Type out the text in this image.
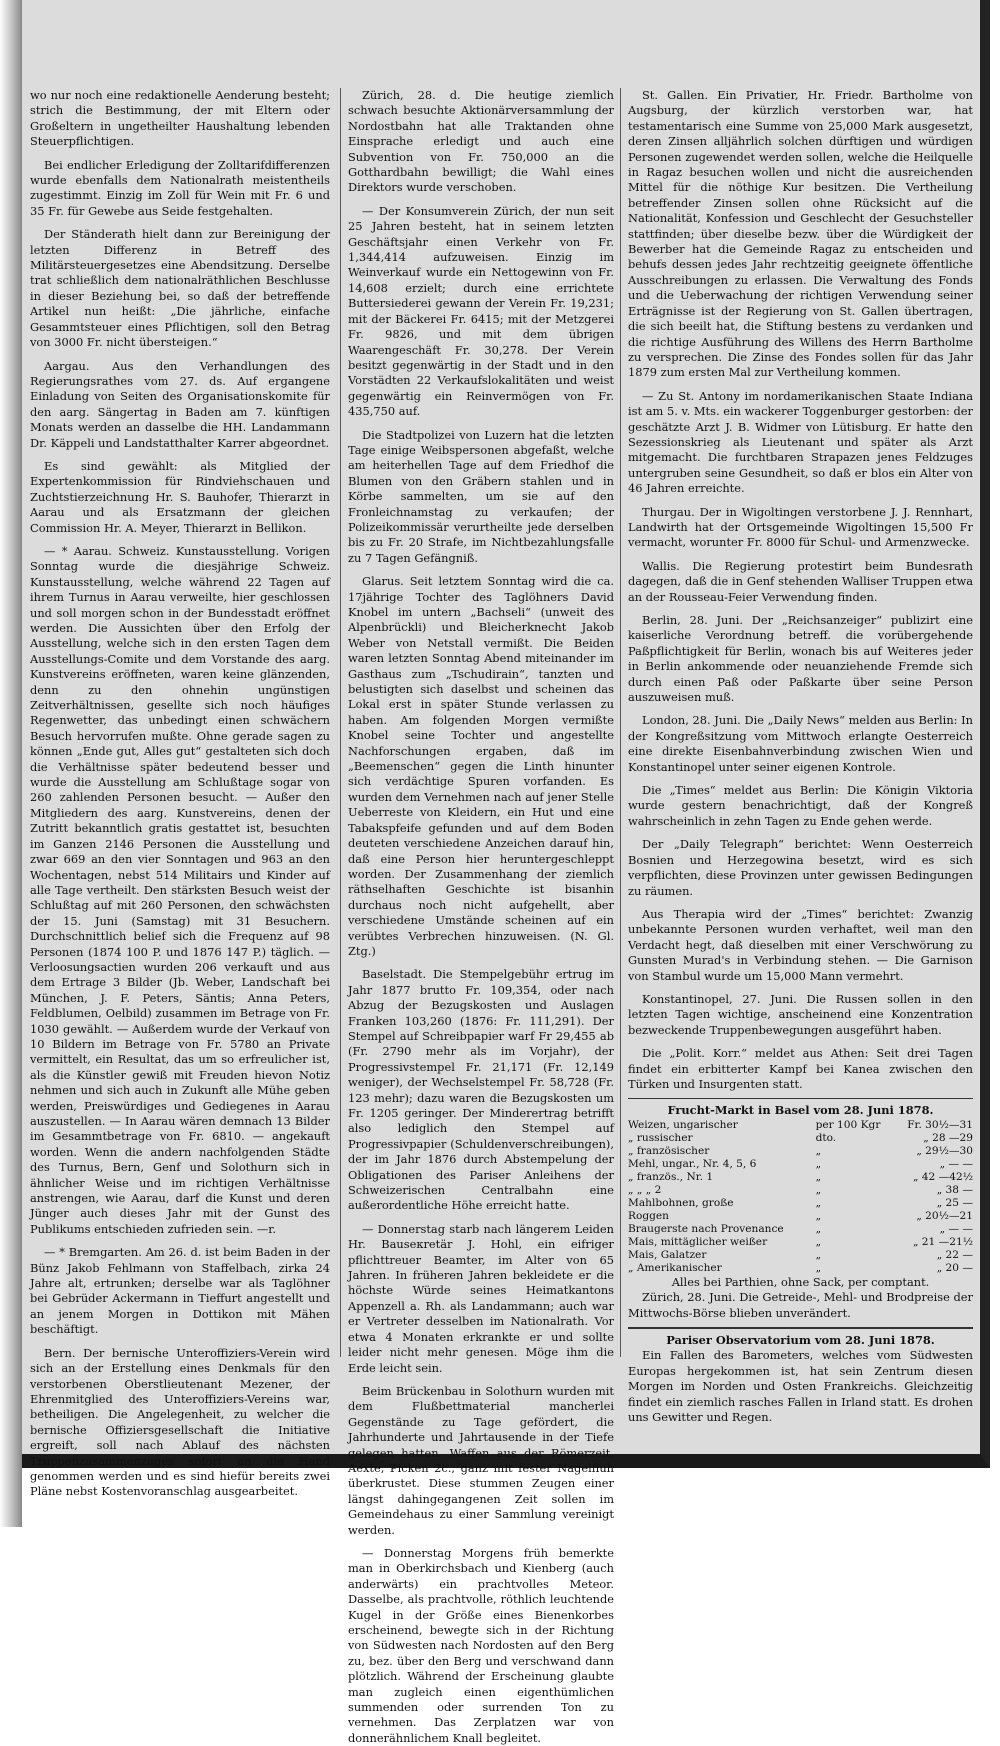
wo nur noch eine redaktionelle Aenderung besteht; strich die Bestimmung, der mit Eltern oder Großeltern in ungetheilter Haushaltung lebenden Steuerpflichtigen.

Bei endlicher Erledigung der Zolltarifdifferenzen wurde ebenfalls dem Nationalrath meistentheils zugestimmt. Einzig im Zoll für Wein mit Fr. 6 und 35 Fr. für Gewebe aus Seide festgehalten.

Der Ständerath hielt dann zur Bereinigung der letzten Differenz in Betreff des Militärsteuergesetzes eine Abendsitzung. Derselbe trat schließlich dem nationalräthlichen Beschlusse in dieser Beziehung bei, so daß der betreffende Artikel nun heißt: „Die jährliche, einfache Gesammtsteuer eines Pflichtigen, soll den Betrag von 3000 Fr. nicht übersteigen.“

Aargau. Aus den Verhandlungen des Regierungsrathes vom 27. ds. Auf ergangene Einladung von Seiten des Organisationskomite für den aarg. Sängertag in Baden am 7. künftigen Monats werden an dasselbe die HH. Landammann Dr. Käppeli und Landstatthalter Karrer abgeordnet.

Es sind gewählt: als Mitglied der Expertenkommission für Rindviehschauen und Zuchtstierzeichnung Hr. S. Bauhofer, Thierarzt in Aarau und als Ersatzmann der gleichen Commission Hr. A. Meyer, Thierarzt in Bellikon.

— * Aarau. Schweiz. Kunstausstellung. Vorigen Sonntag wurde die diesjährige Schweiz. Kunstausstellung, welche während 22 Tagen auf ihrem Turnus in Aarau verweilte, hier geschlossen und soll morgen schon in der Bundesstadt eröffnet werden. Die Aussichten über den Erfolg der Ausstellung, welche sich in den ersten Tagen dem Ausstellungs-Comite und dem Vorstande des aarg. Kunstvereins eröffneten, waren keine glänzenden, denn zu den ohnehin ungünstigen Zeitverhältnissen, gesellte sich noch häufiges Regenwetter, das unbedingt einen schwächern Besuch hervorrufen mußte. Ohne gerade sagen zu können „Ende gut, Alles gut“ gestalteten sich doch die Verhältnisse später bedeutend besser und wurde die Ausstellung am Schlußtage sogar von 260 zahlenden Personen besucht. — Außer den Mitgliedern des aarg. Kunstvereins, denen der Zutritt bekanntlich gratis gestattet ist, besuchten im Ganzen 2146 Personen die Ausstellung und zwar 669 an den vier Sonntagen und 963 an den Wochentagen, nebst 514 Militairs und Kinder auf alle Tage vertheilt. Den stärksten Besuch weist der Schlußtag auf mit 260 Personen, den schwächsten der 15. Juni (Samstag) mit 31 Besuchern. Durchschnittlich belief sich die Frequenz auf 98 Personen (1874 100 P. und 1876 147 P.) täglich. — Verloosungsactien wurden 206 verkauft und aus dem Ertrage 3 Bilder (Jb. Weber, Landschaft bei München, J. F. Peters, Säntis; Anna Peters, Feldblumen, Oelbild) zusammen im Betrage von Fr. 1030 gewählt. — Außerdem wurde der Verkauf von 10 Bildern im Betrage von Fr. 5780 an Private vermittelt, ein Resultat, das um so erfreulicher ist, als die Künstler gewiß mit Freuden hievon Notiz nehmen und sich auch in Zukunft alle Mühe geben werden, Preiswürdiges und Gediegenes in Aarau auszustellen. — In Aarau wären demnach 13 Bilder im Gesammtbetrage von Fr. 6810. — angekauft worden. Wenn die andern nachfolgenden Städte des Turnus, Bern, Genf und Solothurn sich in ähnlicher Weise und im richtigen Verhältnisse anstrengen, wie Aarau, darf die Kunst und deren Jünger auch dieses Jahr mit der Gunst des Publikums entschieden zufrieden sein. —r.

— * Bremgarten. Am 26. d. ist beim Baden in der Bünz Jakob Fehlmann von Staffelbach, zirka 24 Jahre alt, ertrunken; derselbe war als Taglöhner bei Gebrüder Ackermann in Tieffurt angestellt und an jenem Morgen in Dottikon mit Mähen beschäftigt.

Bern. Der bernische Unteroffiziers-Verein wird sich an der Erstellung eines Denkmals für den verstorbenen Oberstlieutenant Mezener, der Ehrenmitglied des Unteroffiziers-Vereins war, betheiligen. Die Angelegenheit, zu welcher die bernische Offiziersgesellschaft die Initiative ergreift, soll nach Ablauf des nächsten Truppenzusammenzuges sofort an die Hand genommen werden und es sind hiefür bereits zwei Pläne nebst Kostenvoranschlag ausgearbeitet.

Zürich, 28. d. Die heutige ziemlich schwach besuchte Aktionärversammlung der Nordostbahn hat alle Traktanden ohne Einsprache erledigt und auch eine Subvention von Fr. 750,000 an die Gotthardbahn bewilligt; die Wahl eines Direktors wurde verschoben.

— Der Konsumverein Zürich, der nun seit 25 Jahren besteht, hat in seinem letzten Geschäftsjahr einen Verkehr von Fr. 1,344,414 aufzuweisen. Einzig im Weinverkauf wurde ein Nettogewinn von Fr. 14,608 erzielt; durch eine errichtete Buttersiederei gewann der Verein Fr. 19,231; mit der Bäckerei Fr. 6415; mit der Metzgerei Fr. 9826, und mit dem übrigen Waarengeschäft Fr. 30,278. Der Verein besitzt gegenwärtig in der Stadt und in den Vorstädten 22 Verkaufslokalitäten und weist gegenwärtig ein Reinvermögen von Fr. 435,750 auf.

Die Stadtpolizei von Luzern hat die letzten Tage einige Weibspersonen abgefaßt, welche am heiterhellen Tage auf dem Friedhof die Blumen von den Gräbern stahlen und in Körbe sammelten, um sie auf den Fronleichnamstag zu verkaufen; der Polizeikommissär verurtheilte jede derselben bis zu Fr. 20 Strafe, im Nichtbezahlungsfalle zu 7 Tagen Gefängniß.

Glarus. Seit letztem Sonntag wird die ca. 17jährige Tochter des Taglöhners David Knobel im untern „Bachseli“ (unweit des Alpenbrückli) und Bleicherknecht Jakob Weber von Netstall vermißt. Die Beiden waren letzten Sonntag Abend miteinander im Gasthaus zum „Tschudirain“, tanzten und belustigten sich daselbst und scheinen das Lokal erst in später Stunde verlassen zu haben. Am folgenden Morgen vermißte Knobel seine Tochter und angestellte Nachforschungen ergaben, daß im „Beemenschen“ gegen die Linth hinunter sich verdächtige Spuren vorfanden. Es wurden dem Vernehmen nach auf jener Stelle Ueberreste von Kleidern, ein Hut und eine Tabakspfeife gefunden und auf dem Boden deuteten verschiedene Anzeichen darauf hin, daß eine Person hier heruntergeschleppt worden. Der Zusammenhang der ziemlich räthselhaften Geschichte ist bisanhin durchaus noch nicht aufgehellt, aber verschiedene Umstände scheinen auf ein verübtes Verbrechen hinzuweisen. (N. Gl. Ztg.)

Baselstadt. Die Stempelgebühr ertrug im Jahr 1877 brutto Fr. 109,354, oder nach Abzug der Bezugskosten und Auslagen Franken 103,260 (1876: Fr. 111,291). Der Stempel auf Schreibpapier warf Fr 29,455 ab (Fr. 2790 mehr als im Vorjahr), der Progressivstempel Fr. 21,171 (Fr. 12,149 weniger), der Wechselstempel Fr. 58,728 (Fr. 123 mehr); dazu waren die Bezugskosten um Fr. 1205 geringer. Der Minderertrag betrifft also lediglich den Stempel auf Progressivpapier (Schuldenverschreibungen), der im Jahr 1876 durch Abstempelung der Obligationen des Pariser Anleihens der Schweizerischen Centralbahn eine außerordentliche Höhe erreicht hatte.

— Donnerstag starb nach längerem Leiden Hr. Bauseкretär J. Hohl, ein eifriger pflichttreuer Beamter, im Alter von 65 Jahren. In früheren Jahren bekleidete er die höchste Würde seines Heimatkantons Appenzell a. Rh. als Landammann; auch war er Vertreter desselben im Nationalrath. Vor etwa 4 Monaten erkrankte er und sollte leider nicht mehr genesen. Möge ihm die Erde leicht sein.

Beim Brückenbau in Solothurn wurden mit dem Flußbettmaterial mancherlei Gegenstände zu Tage gefördert, die Jahrhunderte und Jahrtausende in der Tiefe gelegen hatten. Waffen aus der Römerzeit, Aexte, Picken 2c., ganz mit fester Nagelfluh überkrustet. Diese stummen Zeugen einer längst dahingegangenen Zeit sollen im Gemeindehaus zu einer Sammlung vereinigt werden.

— Donnerstag Morgens früh bemerkte man in Oberkirchsbach und Kienberg (auch anderwärts) ein prachtvolles Meteor. Dasselbe, als prachtvolle, röthlich leuchtende Kugel in der Größe eines Bienenkorbes erscheinend, bewegte sich in der Richtung von Südwesten nach Nordosten auf den Berg zu, bez. über den Berg und verschwand dann plötzlich. Während der Erscheinung glaubte man zugleich einen eigenthümlichen summenden oder surrenden Ton zu vernehmen. Das Zerplatzen war von donnerähnlichem Knall begleitet.

St. Gallen. Ein Privatier, Hr. Friedr. Bartholme von Augsburg, der kürzlich verstorben war, hat testamentarisch eine Summe von 25,000 Mark ausgesetzt, deren Zinsen alljährlich solchen dürftigen und würdigen Personen zugewendet werden sollen, welche die Heilquelle in Ragaz besuchen wollen und nicht die ausreichenden Mittel für die nöthige Kur besitzen. Die Vertheilung betreffender Zinsen sollen ohne Rücksicht auf die Nationalität, Konfession und Geschlecht der Gesuchsteller stattfinden; über dieselbe bezw. über die Würdigkeit der Bewerber hat die Gemeinde Ragaz zu entscheiden und behufs dessen jedes Jahr rechtzeitig geeignete öffentliche Ausschreibungen zu erlassen. Die Verwaltung des Fonds und die Ueberwachung der richtigen Verwendung seiner Erträgnisse ist der Regierung von St. Gallen übertragen, die sich beeilt hat, die Stiftung bestens zu verdanken und die richtige Ausführung des Willens des Herrn Bartholme zu versprechen. Die Zinse des Fondes sollen für das Jahr 1879 zum ersten Mal zur Vertheilung kommen.

— Zu St. Antony im nordamerikanischen Staate Indiana ist am 5. v. Mts. ein wackerer Toggenburger gestorben: der geschätzte Arzt J. B. Widmer von Lütisburg. Er hatte den Sezessionskrieg als Lieutenant und später als Arzt mitgemacht. Die furchtbaren Strapazen jenes Feldzuges untergruben seine Gesundheit, so daß er blos ein Alter von 46 Jahren erreichte.

Thurgau. Der in Wigoltingen verstorbene J. J. Rennhart, Landwirth hat der Ortsgemeinde Wigoltingen 15,500 Fr vermacht, worunter Fr. 8000 für Schul- und Armenzwecke.

Wallis. Die Regierung protestirt beim Bundesrath dagegen, daß die in Genf stehenden Walliser Truppen etwa an der Rousseau-Feier Verwendung finden.

Berlin, 28. Juni. Der „Reichsanzeiger“ publizirt eine kaiserliche Verordnung betreff. die vorübergehende Paßpflichtigkeit für Berlin, wonach bis auf Weiteres jeder in Berlin ankommende oder neuanziehende Fremde sich durch einen Paß oder Paßkarte über seine Person auszuweisen muß.

London, 28. Juni. Die „Daily News“ melden aus Berlin: In der Kongreßsitzung vom Mittwoch erlangte Oesterreich eine direkte Eisenbahnverbindung zwischen Wien und Konstantinopel unter seiner eigenen Kontrole.

Die „Times“ meldet aus Berlin: Die Königin Viktoria wurde gestern benachrichtigt, daß der Kongreß wahrscheinlich in zehn Tagen zu Ende gehen werde.

Der „Daily Telegraph“ berichtet: Wenn Oesterreich Bosnien und Herzegowina besetzt, wird es sich verpflichten, diese Provinzen unter gewissen Bedingungen zu räumen.

Aus Therapia wird der „Times“ berichtet: Zwanzig unbekannte Personen wurden verhaftet, weil man den Verdacht hegt, daß dieselben mit einer Verschwörung zu Gunsten Murad's in Verbindung stehen. — Die Garnison von Stambul wurde um 15,000 Mann vermehrt.

Konstantinopel, 27. Juni. Die Russen sollen in den letzten Tagen wichtige, anscheinend eine Konzentration bezweckende Truppenbewegungen ausgeführt haben.

Die „Polit. Korr.“ meldet aus Athen: Seit drei Tagen findet ein erbitterter Kampf bei Kanea zwischen den Türken und Insurgenten statt.

Frucht-Markt in Basel vom 28. Juni 1878.

Weizen, ungarischer	per 100 Kgr	Fr. 30½—31
„ russischer	dto.	„ 28 —29
„ französischer	„	„ 29½—30
Mehl, ungar., Nr. 4, 5, 6	„	„ — —
„ französ., Nr. 1	„	„ 42 —42½
„ „ „ 2	„	„ 38 —
Mahlbohnen, große	„	„ 25 —
Roggen	„	„ 20½—21
Braugerste nach Provenance	„	„ — —
Mais, mittäglicher weißer	„	„ 21 —21½
Mais, Galatzer	„	„ 22 —
„ Amerikanischer	„	„ 20 —

Alles bei Parthien, ohne Sack, per comptant.

Zürich, 28. Juni. Die Getreide-, Mehl- und Brodpreise der Mittwochs-Börse blieben unverändert.

Pariser Observatorium vom 28. Juni 1878.

Ein Fallen des Barometers, welches vom Südwesten Europas hergekommen ist, hat sein Zentrum diesen Morgen im Norden und Osten Frankreichs. Gleichzeitig findet ein ziemlich rasches Fallen in Irland statt. Es drohen uns Gewitter und Regen.
